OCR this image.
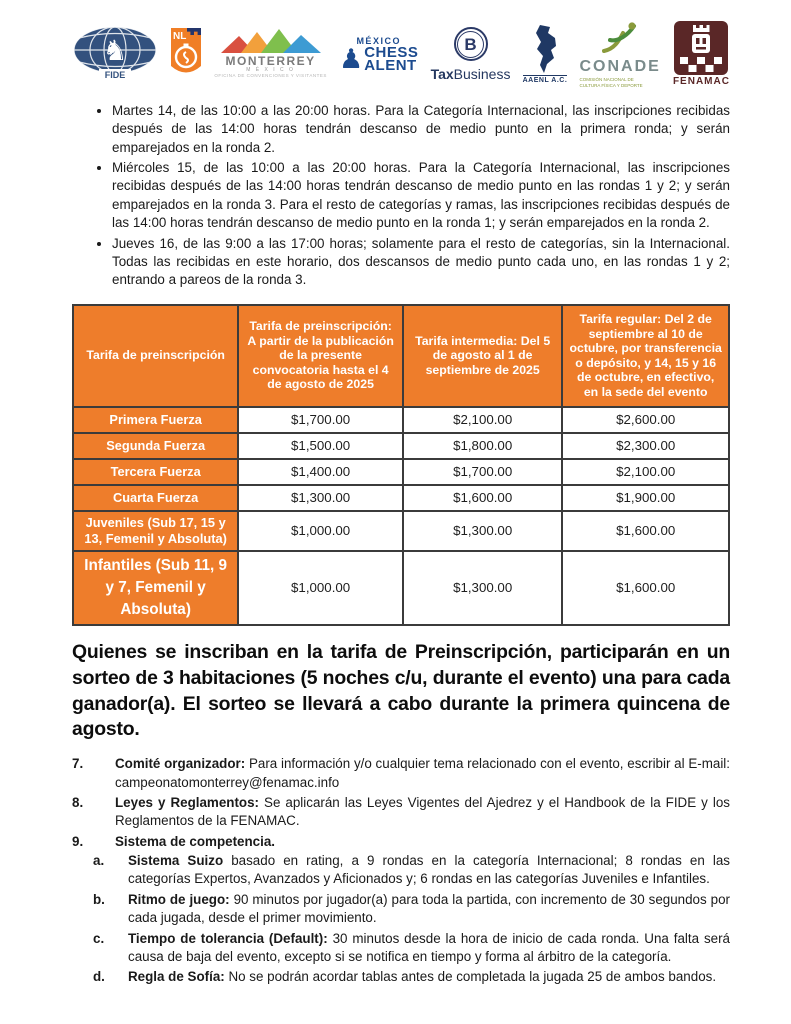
♞
FIDE
NL
MONTERREY
M É X I C O
OFICINA DE CONVENCIONES Y VISITANTES
MÉXICO
♟ CHESS
ALENT
B
TaxBusiness AAENL A.C.
CONADE
COMISIÓN NACIONAL DE
CULTURA FÍSICA Y DEPORTE	FENAMAC
• Martes 14, de las 10:00 a las 20:00 horas. Para la Categoría Internacional, las inscripciones recibidas después de las 14:00 horas tendrán descanso de medio punto en la primera ronda; y serán emparejados en la ronda 2.
• Miércoles 15, de las 10:00 a las 20:00 horas. Para la Categoría Internacional, las inscripciones recibidas después de las 14:00 horas tendrán descanso de medio punto en las rondas 1 y 2; y serán emparejados en la ronda 3. Para el resto de categorías y ramas, las inscripciones recibidas después de las 14:00 horas tendrán descanso de medio punto en la ronda 1; y serán emparejados en la ronda 2.
• Jueves 16, de las 9:00 a las 17:00 horas; solamente para el resto de categorías, sin la Internacional. Todas las recibidas en este horario, dos descansos de medio punto cada uno, en las rondas 1 y 2; entrando a pareos de la ronda 3.
Tarifa de preinscripción	Tarifa de preinscripción: A partir de la publicación de la presente convocatoria hasta el 4 de agosto de 2025	Tarifa intermedia: Del 5 de agosto al 1 de septiembre de 2025	Tarifa regular: Del 2 de septiembre al 10 de octubre, por transferencia o depósito, y 14, 15 y 16 de octubre, en efectivo, en la sede del evento
Primera Fuerza	$1,700.00	$2,100.00	$2,600.00
Segunda Fuerza	$1,500.00	$1,800.00	$2,300.00
Tercera Fuerza	$1,400.00	$1,700.00	$2,100.00
Cuarta Fuerza	$1,300.00	$1,600.00	$1,900.00
Juveniles (Sub 17, 15 y 13, Femenil y Absoluta)	$1,000.00	$1,300.00	$1,600.00
Infantiles (Sub 11, 9 y 7, Femenil y Absoluta)	$1,000.00	$1,300.00	$1,600.00

Quienes se inscriban en la tarifa de Preinscripción, participarán en un sorteo de 3 habitaciones (5 noches c/u, durante el evento) una para cada ganador(a). El sorteo se llevará a cabo durante la primera quincena de agosto.

7.	Comité organizador: Para información y/o cualquier tema relacionado con el evento, escribir al E-mail: campeonatomonterrey@fenamac.info
8.	Leyes y Reglamentos: Se aplicarán las Leyes Vigentes del Ajedrez y el Handbook de la FIDE y los Reglamentos de la FENAMAC.
9.	Sistema de competencia.
a.	Sistema Suizo basado en rating, a 9 rondas en la categoría Internacional; 8 rondas en las categorías Expertos, Avanzados y Aficionados y; 6 rondas en las categorías Juveniles e Infantiles.
b.	Ritmo de juego: 90 minutos por jugador(a) para toda la partida, con incremento de 30 segundos por cada jugada, desde el primer movimiento.
c.	Tiempo de tolerancia (Default): 30 minutos desde la hora de inicio de cada ronda. Una falta será causa de baja del evento, excepto si se notifica en tiempo y forma al árbitro de la categoría.
d.	Regla de Sofía: No se podrán acordar tablas antes de completada la jugada 25 de ambos bandos.
